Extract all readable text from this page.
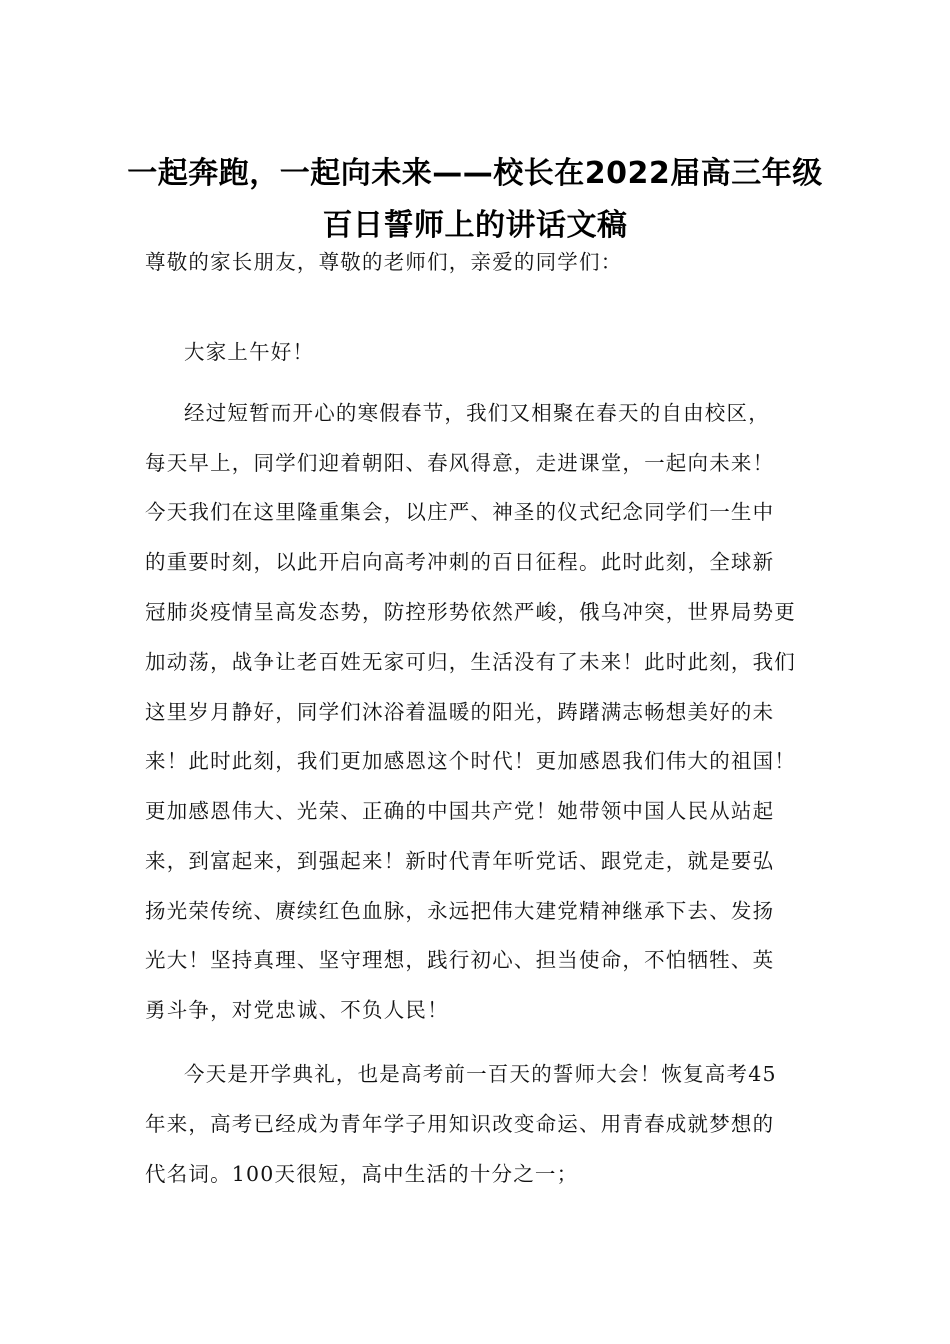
一起奔跑，一起向未来——校长在2022届高三年级
百日誓师上的讲话文稿
尊敬的家长朋友，尊敬的老师们，亲爱的同学们：
大家上午好！
经过短暂而开心的寒假春节，我们又相聚在春天的自由校区，
每天早上，同学们迎着朝阳、春风得意，走进课堂，一起向未来！
今天我们在这里隆重集会，以庄严、神圣的仪式纪念同学们一生中
的重要时刻，以此开启向高考冲刺的百日征程。此时此刻，全球新
冠肺炎疫情呈高发态势，防控形势依然严峻，俄乌冲突，世界局势更
加动荡，战争让老百姓无家可归，生活没有了未来！此时此刻，我们
这里岁月静好，同学们沐浴着温暖的阳光，踌躇满志畅想美好的未
来！此时此刻，我们更加感恩这个时代！更加感恩我们伟大的祖国！
更加感恩伟大、光荣、正确的中国共产党！她带领中国人民从站起
来，到富起来，到强起来！新时代青年听党话、跟党走，就是要弘
扬光荣传统、赓续红色血脉，永远把伟大建党精神继承下去、发扬
光大！坚持真理、坚守理想，践行初心、担当使命，不怕牺牲、英
勇斗争，对党忠诚、不负人民！
今天是开学典礼，也是高考前一百天的誓师大会！恢复高考45
年来，高考已经成为青年学子用知识改变命运、用青春成就梦想的
代名词。100天很短，高中生活的十分之一；
